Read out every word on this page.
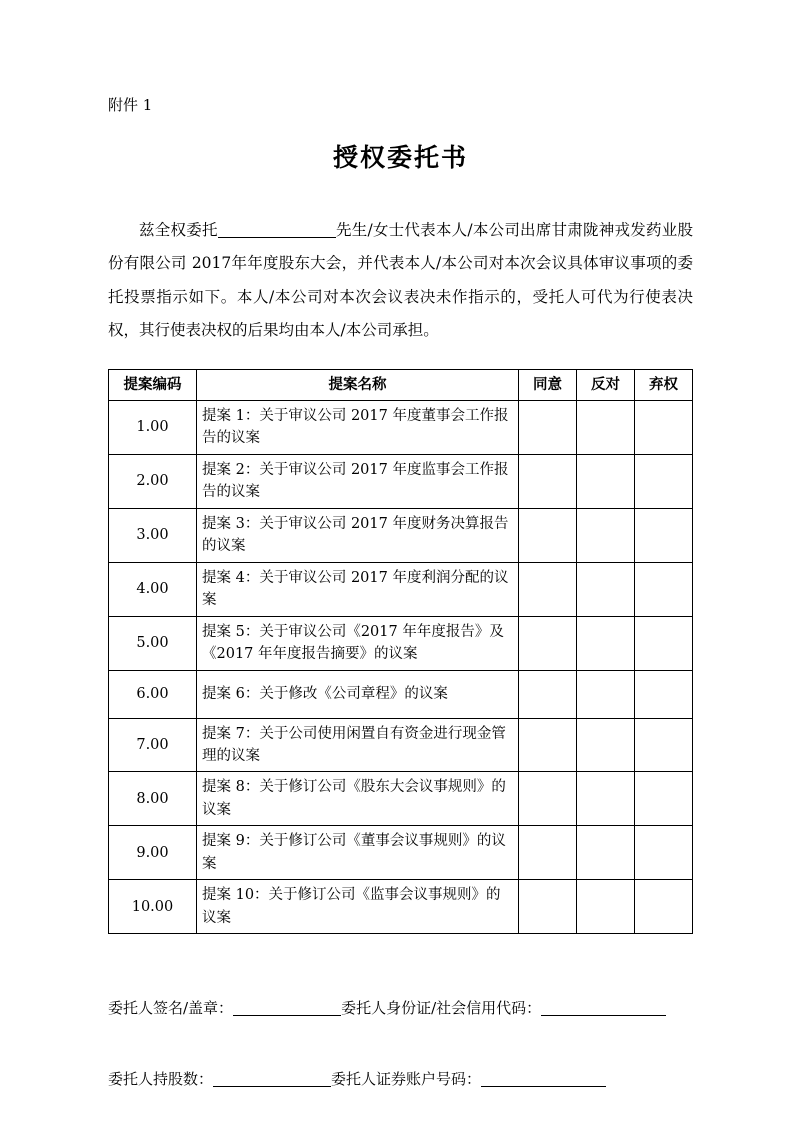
附件 1
授权委托书
兹全权委托	先生/女士代表本人/本公司出席甘肃陇神戎发药业股份有限公司 2017年年度股东大会，并代表本人/本公司对本次会议具体审议事项的委托投票指示如下。本人/本公司对本次会议表决未作指示的，受托人可代为行使表决权，其行使表决权的后果均由本人/本公司承担。
提案编码	提案名称	同意	反对	弃权
1.00	提案 1：关于审议公司 2017 年度董事会工作报告的议案			
2.00	提案 2：关于审议公司 2017 年度监事会工作报告的议案			
3.00	提案 3：关于审议公司 2017 年度财务决算报告的议案			
4.00	提案 4：关于审议公司 2017 年度利润分配的议案			
5.00	提案 5：关于审议公司《2017 年年度报告》及《2017 年年度报告摘要》的议案			
6.00	提案 6：关于修改《公司章程》的议案			
7.00	提案 7：关于公司使用闲置自有资金进行现金管理的议案			
8.00	提案 8：关于修订公司《股东大会议事规则》的议案			
9.00	提案 9：关于修订公司《董事会议事规则》的议案			
10.00	提案 10：关于修订公司《监事会议事规则》的议案			
委托人签名/盖章：	委托人身份证/社会信用代码：
委托人持股数：	委托人证券账户号码：
